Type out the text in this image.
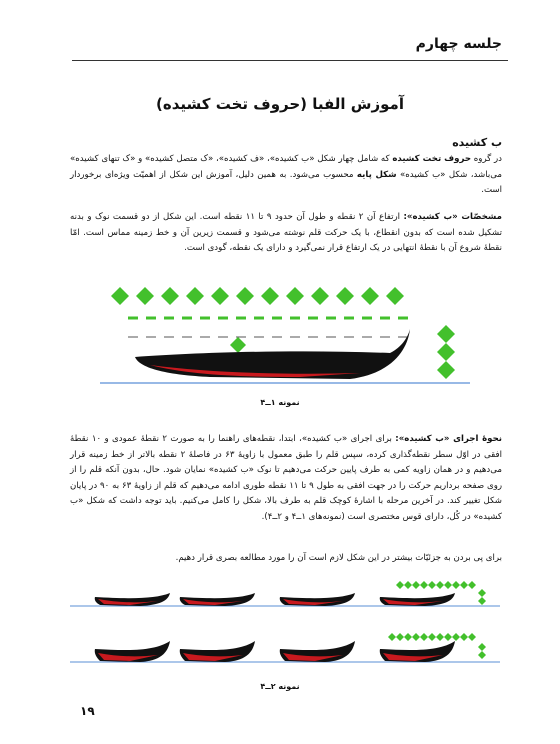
جلسه چهارم
آموزش الفبا (حروف تخت کشیده)
ب کشیده
در گروه حروف تخت کشیده که شامل چهار شکل «ب کشیده»، «ف کشیده»، «ک متصل کشیده» و «ک تنهای کشیده» می‌باشد، شکل «ب کشیده» شکل پایه محسوب می‌شود. به همین دلیل، آموزش این شکل از اهمیّت ویژه‌ای برخوردار است.
مشخصّات «ب کشیده»: ارتفاع آن ۲ نقطه و طول آن حدود ۹ تا ۱۱ نقطه است. این شکل از دو قسمت نوک و بدنه تشکیل شده است که بدون انقطاع، با یک حرکت قلم نوشته می‌شود و قسمت زیرین آن و خط زمینه مماس است. امّا نقطهٔ شروع آن با نقطهٔ انتهایی در یک ارتفاع قرار نمی‌گیرد و دارای یک نقطه، گودی است.
نمونه ۱ــ۴
نحوهٔ اجرای «ب کشیده»: برای اجرای «ب کشیده»، ابتدا، نقطه‌های راهنما را به صورت ۲ نقطهٔ عمودی و ۱۰ نقطهٔ افقی در اوّل سطر نقطه‌گذاری کرده، سپس قلم را طبق معمول با زاویهٔ ۶۳ در فاصلهٔ ۲ نقطه بالاتر از خط زمینه قرار می‌دهیم و در همان زاویه کمی به طرف پایین حرکت می‌دهیم تا نوک «ب کشیده» نمایان شود. حال، بدون آنکه قلم را از روی صفحه برداریم حرکت را در جهت افقی به طول ۹ تا ۱۱ نقطه طوری ادامه می‌دهیم که قلم از زاویهٔ ۶۳ به ۹۰ در پایان شکل تغییر کند. در آخرین مرحله با اشارهٔ کوچک قلم به طرف بالا، شکل را کامل می‌کنیم. باید توجه داشت که شکل «ب کشیده» در کُل، دارای قوس مختصری است (نمونه‌های ۱ــ۴ و ۲ــ۴).
برای پی بردن به جزئیّات بیشتر در این شکل لازم است آن را مورد مطالعه بصری قرار دهیم.
نمونه ۲ــ۴
۱۹
